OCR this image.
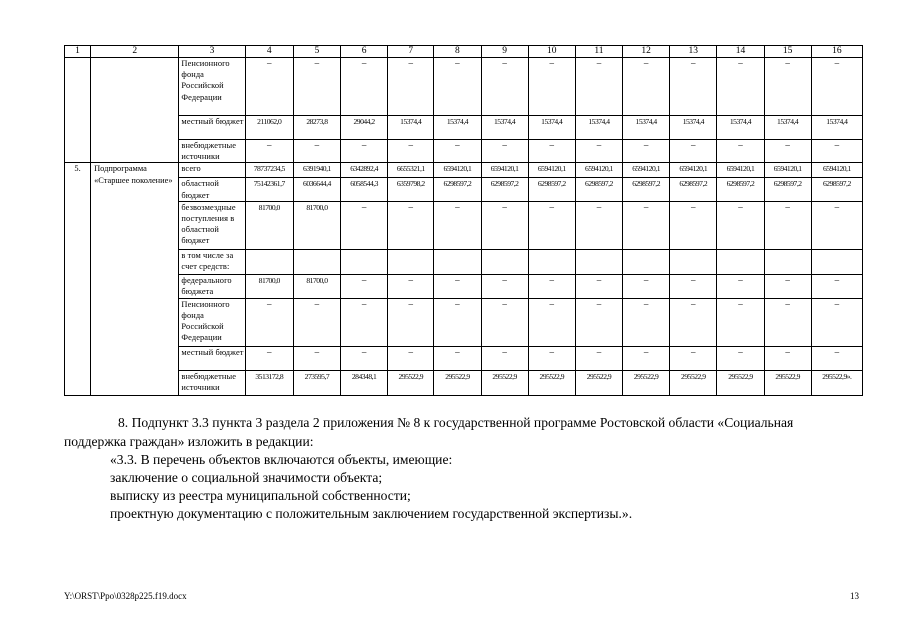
1	2	3	4	5	6	7	8	9	10	11	12	13	14	15	16
		Пенсионного фонда Российской Федерации	–	–	–	–	–	–	–	–	–	–	–	–	–
		местный бюджет	211062,0	28273,8	29044,2	15374,4	15374,4	15374,4	15374,4	15374,4	15374,4	15374,4	15374,4	15374,4	15374,4
		внебюджетные источники	–	–	–	–	–	–	–	–	–	–	–	–	–
5.	Подпрограмма «Старшее поколение»	всего	78737234,5	6391940,1	6342892,4	6655321,1	6594120,1	6594120,1	6594120,1	6594120,1	6594120,1	6594120,1	6594120,1	6594120,1	6594120,1
		областной бюджет	75142361,7	6036644,4	6058544,3	6359798,2	6298597,2	6298597,2	6298597,2	6298597,2	6298597,2	6298597,2	6298597,2	6298597,2	6298597,2
		безвозмездные поступления в областной бюджет	81700,0	81700,0	–	–	–	–	–	–	–	–	–	–	–
		в том числе за счет средств:													
		федерального бюджета	81700,0	81700,0	–	–	–	–	–	–	–	–	–	–	–
		Пенсионного фонда Российской Федерации	–	–	–	–	–	–	–	–	–	–	–	–	–
		местный бюджет	–	–	–	–	–	–	–	–	–	–	–	–	–
		внебюджетные источники	3513172,8	273595,7	284348,1	295522,9	295522,9	295522,9	295522,9	295522,9	295522,9	295522,9	295522,9	295522,9	295522,9».
8. Подпункт 3.3 пункта 3 раздела 2 приложения № 8 к государственной программе Ростовской области «Социальная
поддержка граждан» изложить в редакции:
«3.3. В перечень объектов включаются объекты, имеющие:
заключение о социальной значимости объекта;
выписку из реестра муниципальной собственности;
проектную документацию с положительным заключением государственной экспертизы.».
Y:\ORST\Ppo\0328p225.f19.docx	13
